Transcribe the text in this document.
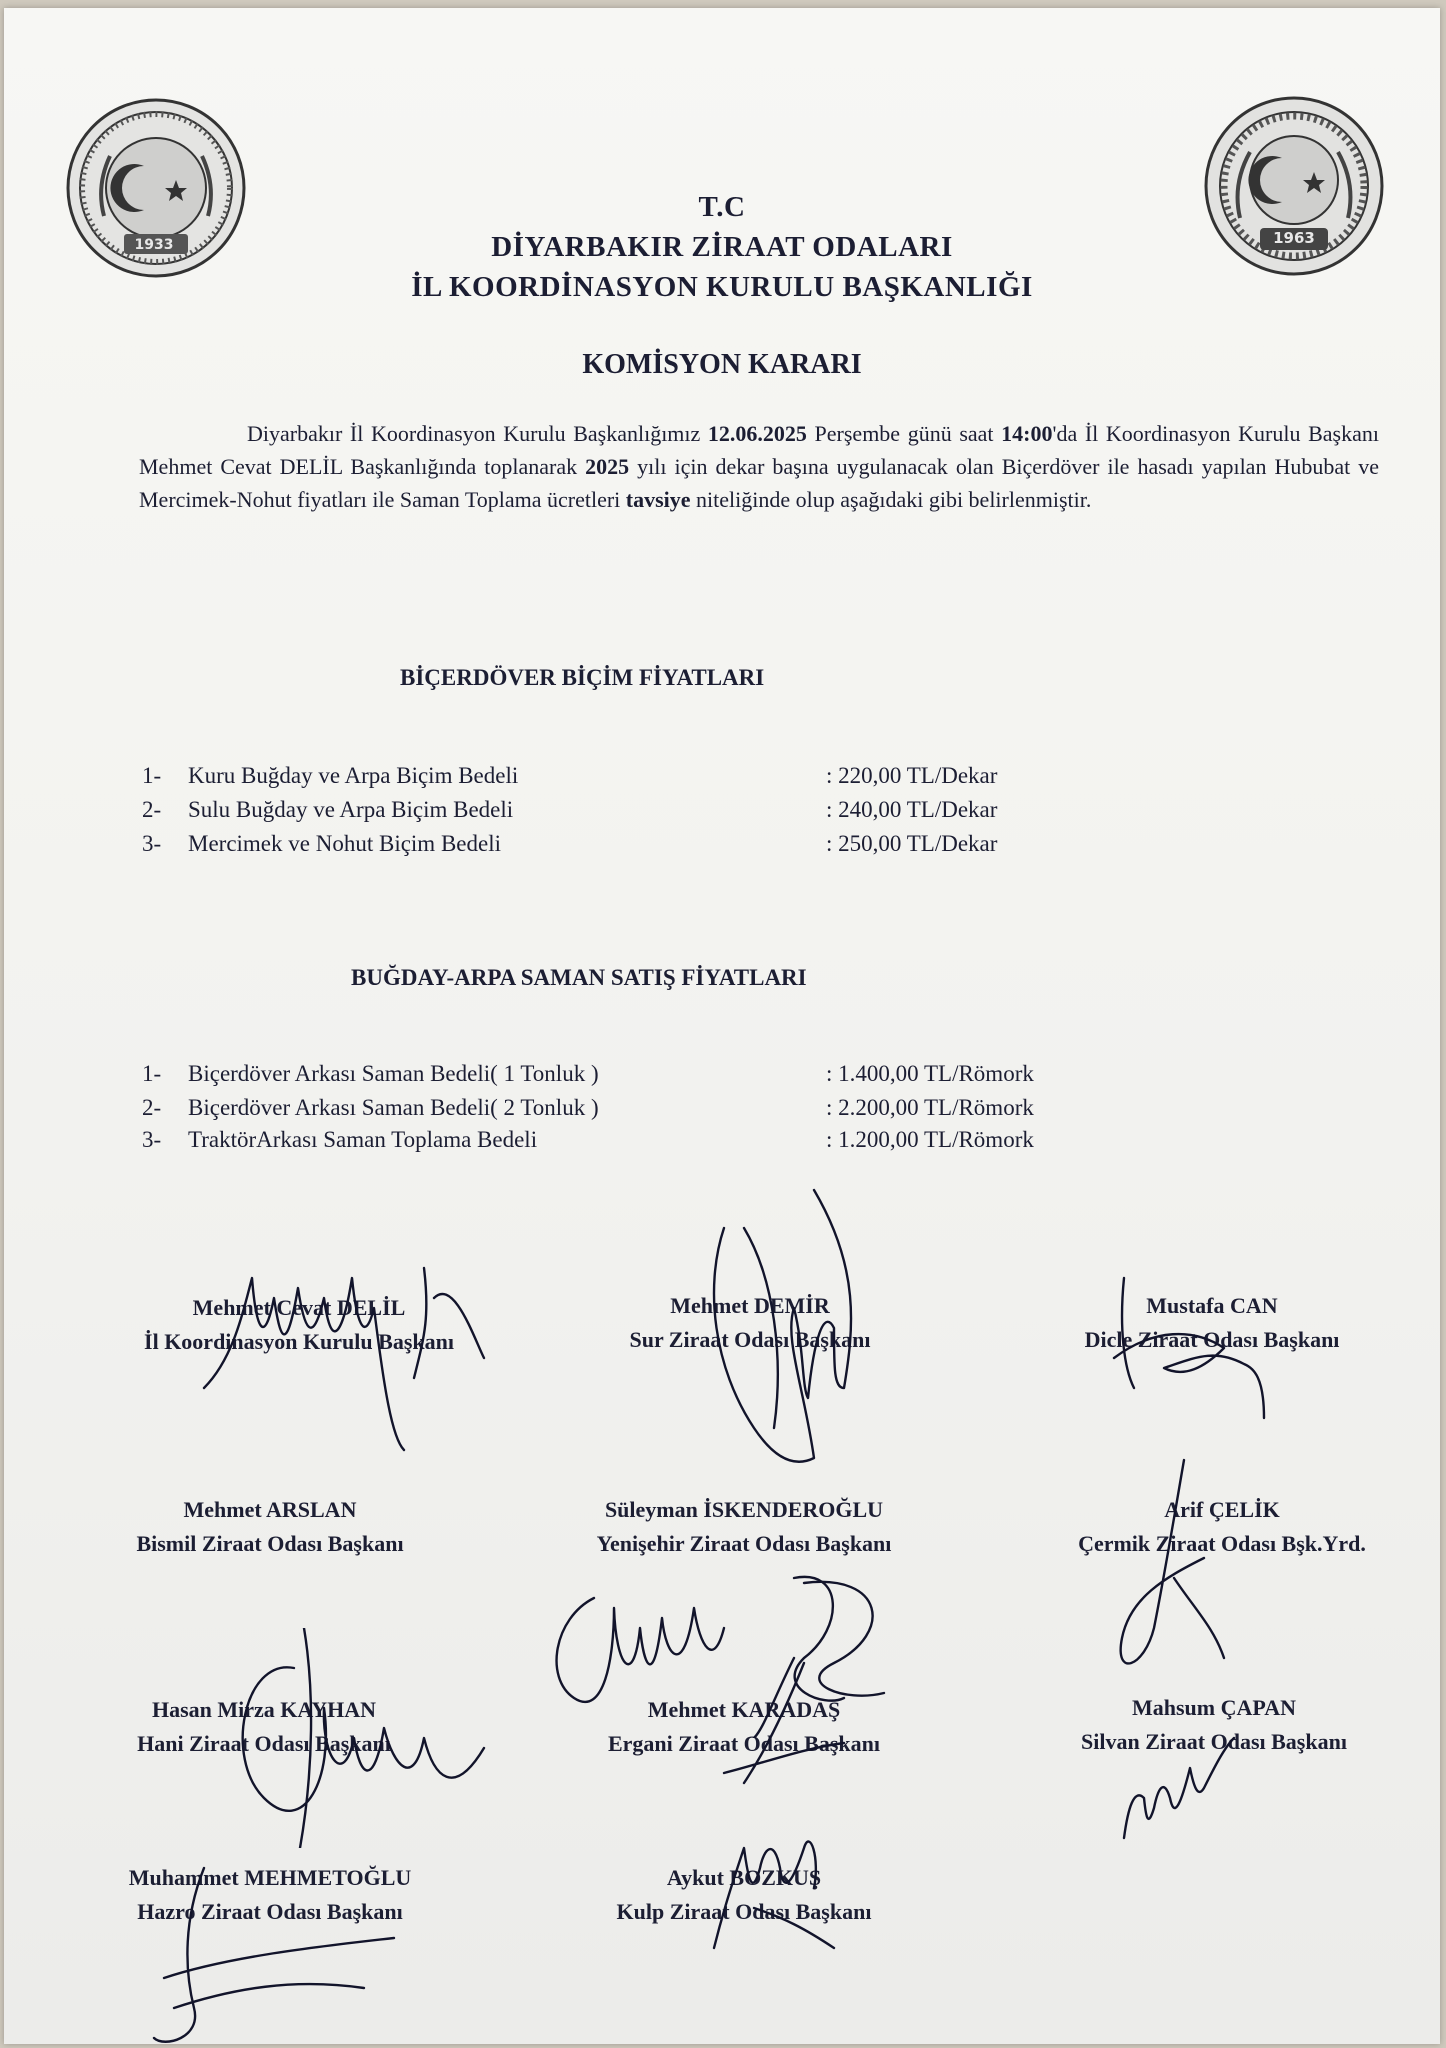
1963
1933
T.C
DİYARBAKIR ZİRAAT ODALARI
İL KOORDİNASYON KURULU BAŞKANLIĞI
KOMİSYON KARARI
Diyarbakır İl Koordinasyon Kurulu Başkanlığımız 12.06.2025 Perşembe günü saat 14:00'da İl Koordinasyon Kurulu Başkanı Mehmet Cevat DELİL Başkanlığında toplanarak 2025 yılı için dekar başına uygulanacak olan Biçerdöver ile hasadı yapılan Hububat ve Mercimek-Nohut fiyatları ile Saman Toplama ücretleri tavsiye niteliğinde olup aşağıdaki gibi belirlenmiştir.
BİÇERDÖVER BİÇİM FİYATLARI
1- Kuru Buğday ve Arpa Biçim Bedeli	: 220,00 TL/Dekar
2- Sulu Buğday ve Arpa Biçim Bedeli	: 240,00 TL/Dekar
3- Mercimek ve Nohut Biçim Bedeli	: 250,00 TL/Dekar
BUĞDAY-ARPA SAMAN SATIŞ FİYATLARI
1- Biçerdöver Arkası Saman Bedeli( 1 Tonluk )	: 1.400,00 TL/Römork
2- Biçerdöver Arkası Saman Bedeli( 2 Tonluk )	: 2.200,00 TL/Römork
3- TraktörArkası Saman Toplama Bedeli	: 1.200,00 TL/Römork
Mehmet Cevat DELİL
İl Koordinasyon Kurulu Başkanı
Mehmet DEMİR
Sur Ziraat Odası Başkanı
Mustafa CAN
Dicle Ziraat Odası Başkanı
Mehmet ARSLAN
Bismil Ziraat Odası Başkanı
Süleyman İSKENDEROĞLU
Yenişehir Ziraat Odası Başkanı
Arif ÇELİK
Çermik Ziraat Odası Bşk.Yrd.
Hasan Mirza KAYHAN
Hani Ziraat Odası Başkanı
Mehmet KARADAŞ
Ergani Ziraat Odası Başkanı
Mahsum ÇAPAN
Silvan Ziraat Odası Başkanı
Muhammet MEHMETOĞLU
Hazro Ziraat Odası Başkanı
Aykut BOZKUŞ
Kulp Ziraat Odası Başkanı
